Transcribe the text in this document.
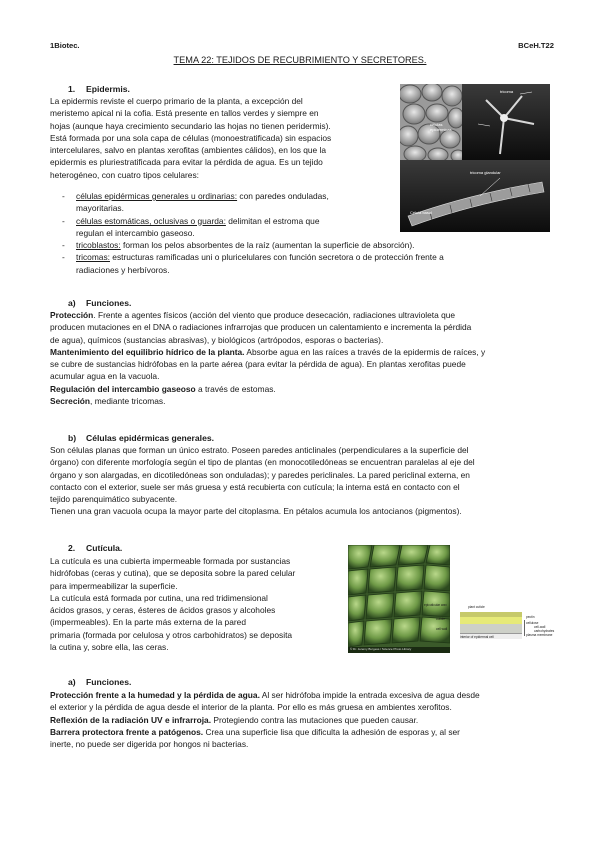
1Biotec.	BCeH.T22
TEMA 22: TEJIDOS DE RECUBRIMIENTO Y SECRETORES.
1. Epidermis.
La epidermis reviste el cuerpo primario de la planta, a excepción del
meristemo apical ni la cofia. Está presente en tallos verdes y siempre en
hojas (aunque haya crecimiento secundario las hojas no tienen peridermis).
Está formada por una sola capa de células (monoestratificada) sin espacios
intercelulares, salvo en plantas xerofitas (ambientes cálidos), en los que la
epidermis es pluriestratificada para evitar la pérdida de agua. Es un tejido
heterogéneo, con cuatro tipos celulares:
- células epidérmicas generales u ordinarias: con paredes onduladas,
mayoritarias.
- células estomáticas, oclusivas o guarda: delimitan el estroma que
regulan el intercambio gaseoso.
- tricoblastos: forman los pelos absorbentes de la raíz (aumentan la superficie de absorción).
- tricomas: estructuras ramificadas uni o pluricelulares con función secretora o de protección frente a
radiaciones y herbívoros.
tricoma
células epidérmicas
tricoma glandular
Célula basal
a) Funciones.
Protección. Frente a agentes físicos (acción del viento que produce desecación, radiaciones ultravioleta que
producen mutaciones en el DNA o radiaciones infrarrojas que producen un calentamiento e incrementa la pérdida
de agua), químicos (sustancias abrasivas), y biológicos (artrópodos, esporas o bacterias).
Mantenimiento del equilibrio hídrico de la planta. Absorbe agua en las raíces a través de la epidermis de raíces, y
se cubre de sustancias hidrófobas en la parte aérea (para evitar la pérdida de agua). En plantas xerofitas puede
acumular agua en la vacuola.
Regulación del intercambio gaseoso a través de estomas.
Secreción, mediante tricomas.
b) Células epidérmicas generales.
Son células planas que forman un único estrato. Poseen paredes anticlinales (perpendiculares a la superficie del
órgano) con diferente morfología según el tipo de plantas (en monocotiledóneas se encuentran paralelas al eje del
órgano y son alargadas, en dicotiledóneas son onduladas); y paredes periclinales. La pared periclinal externa, en
contacto con el exterior, suele ser más gruesa y está recubierta con cutícula; la interna está en contacto con el
tejido parenquimático subyacente.
Tienen una gran vacuola ocupa la mayor parte del citoplasma. En pétalos acumula los antocianos (pigmentos).
2. Cutícula.
La cutícula es una cubierta impermeable formada por sustancias
hidrófobas (ceras y cutina), que se deposita sobre la pared celular
para impermeabilizar la superficie.
La cutícula está formada por cutina, una red tridimensional
ácidos grasos, y ceras, ésteres de ácidos grasos y alcoholes
(impermeables). En la parte más externa de la pared
primaria (formada por celulosa y otros carbohidratos) se deposita
la cutina y, sobre ella, las ceras.	© Dr. Jeremy Burgess / Science Photo Library
epicuticular wax	plant cuticle
cuticle
cell wall
interior of epidermal cell
pectin
cellulose
cell-wall carbohydrates
plasma membrane
a) Funciones.
Protección frente a la humedad y la pérdida de agua. Al ser hidrófoba impide la entrada excesiva de agua desde
el exterior y la pérdida de agua desde el interior de la planta. Por ello es más gruesa en ambientes xerofitos.
Reflexión de la radiación UV e infrarroja. Protegiendo contra las mutaciones que pueden causar.
Barrera protectora frente a patógenos. Crea una superficie lisa que dificulta la adhesión de esporas y, al ser
inerte, no puede ser digerida por hongos ni bacterias.
